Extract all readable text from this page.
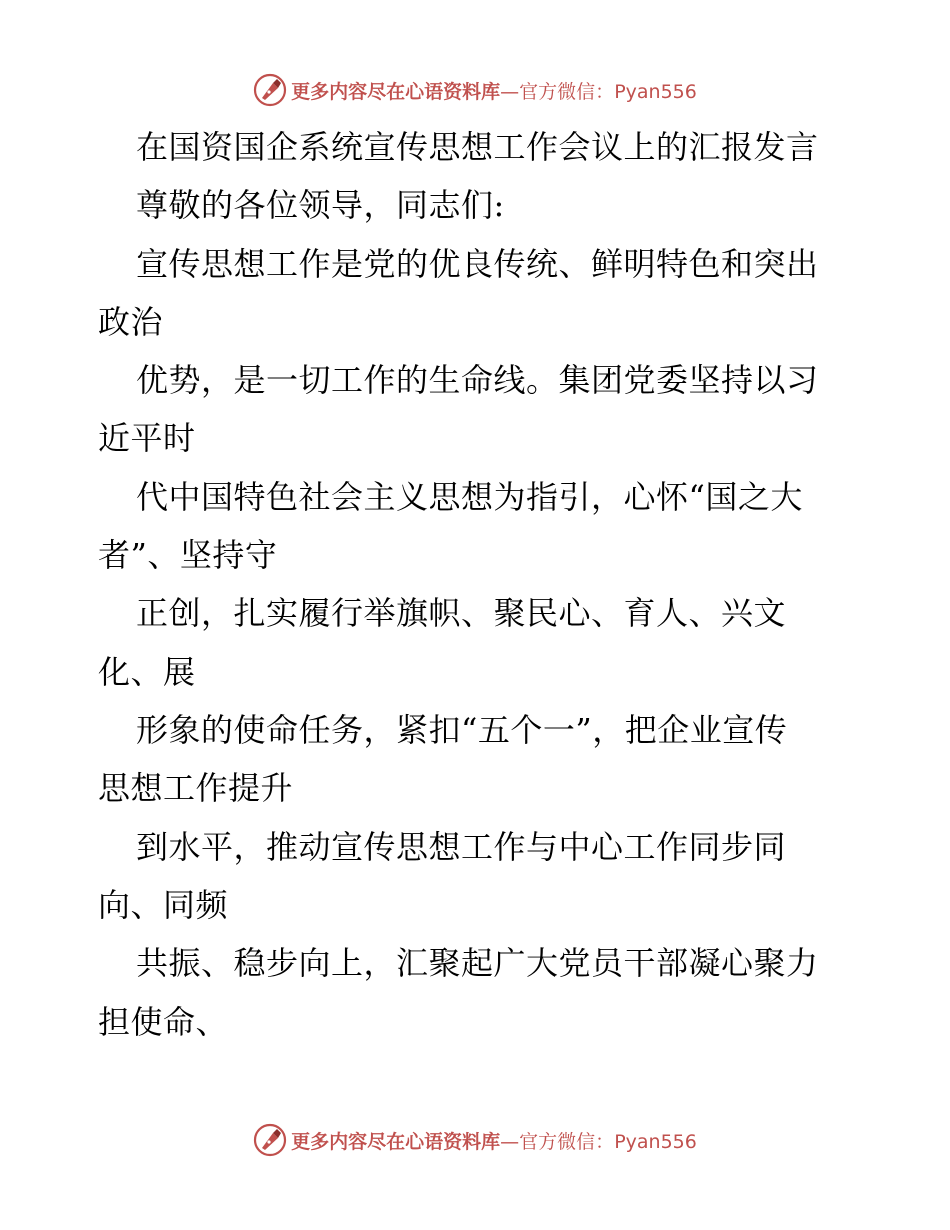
更多内容尽在心语资料库—官方微信：Pyan556
在国资国企系统宣传思想工作会议上的汇报发言
尊敬的各位领导，同志们:
宣传思想工作是党的优良传统、鲜明特色和突出
政治
优势，是一切工作的生命线。集团党委坚持以习
近平时
代中国特色社会主义思想为指引，心怀“国之大
者”、坚持守
正创，扎实履行举旗帜、聚民心、育人、兴文
化、展
形象的使命任务，紧扣“五个一”，把企业宣传
思想工作提升
到水平，推动宣传思想工作与中心工作同步同
向、同频
共振、稳步向上，汇聚起广大党员干部凝心聚力
担使命、
更多内容尽在心语资料库—官方微信：Pyan556
